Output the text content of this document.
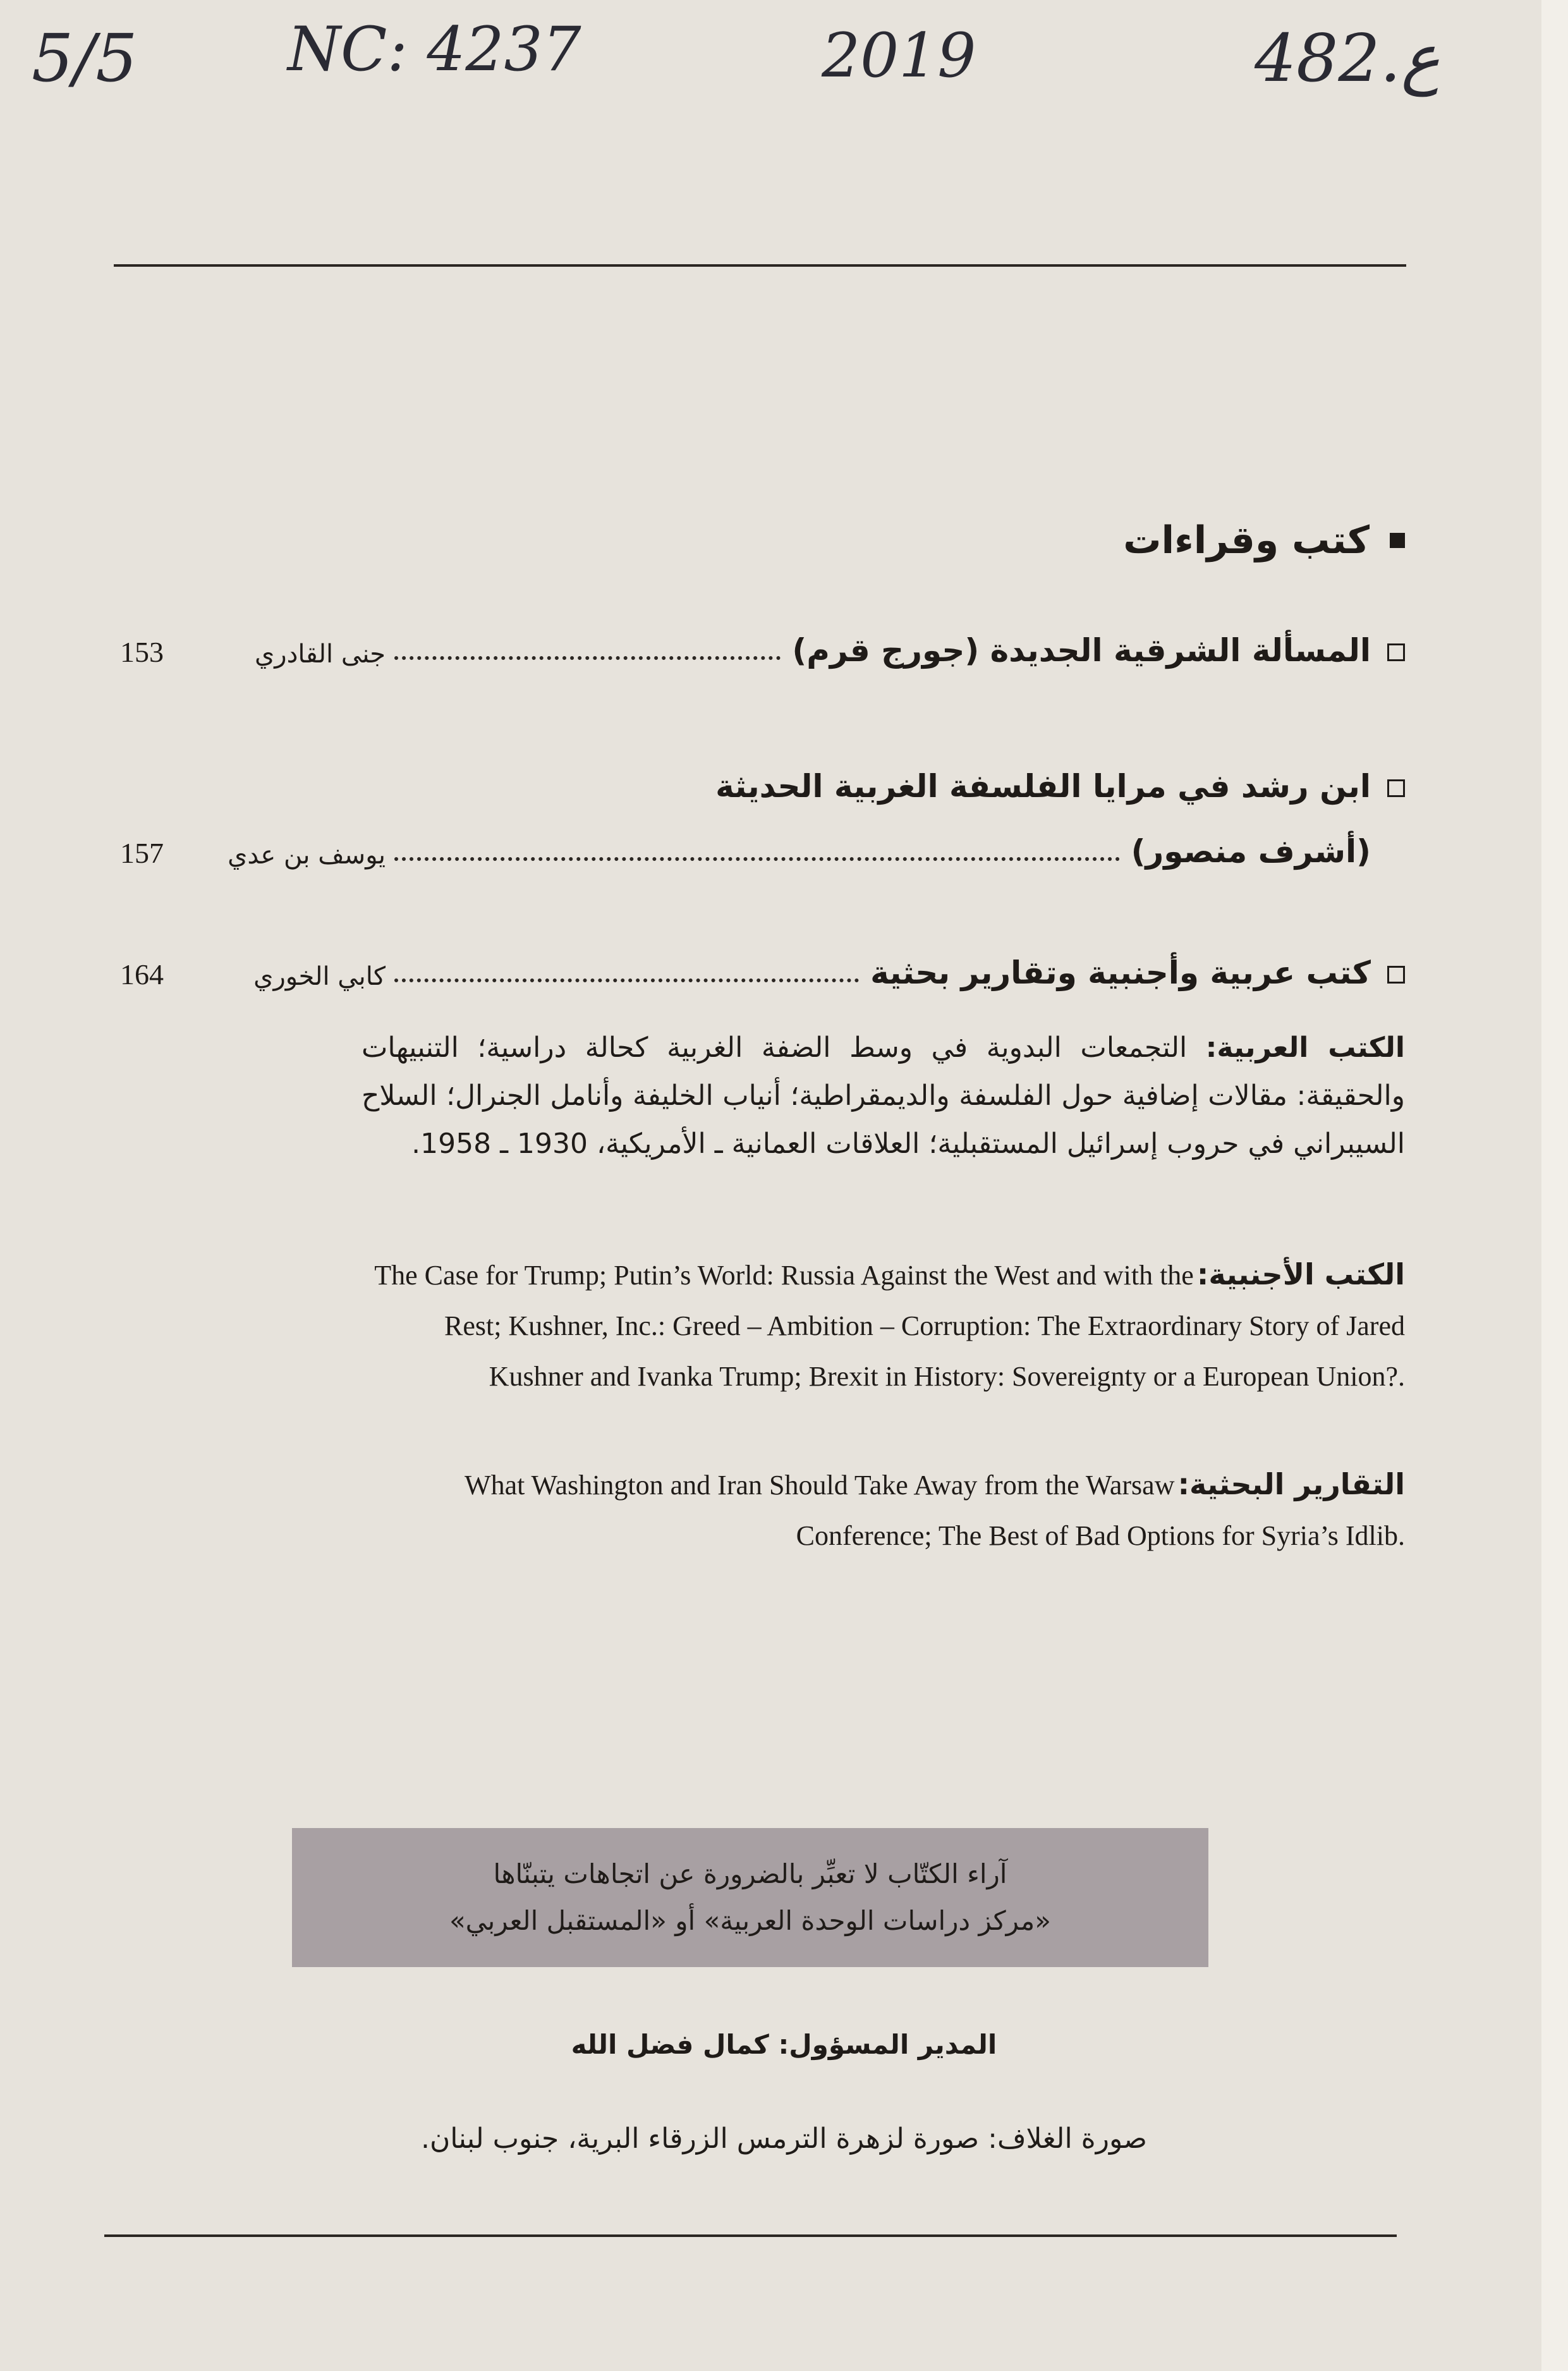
5/5 NC: 4237	2019	482.ع
كتب وقراءات
المسألة الشرقية الجديدة (جورج قرم)
جنى القادري
153
ابن رشد في مرايا الفلسفة الغربية الحديثة
(أشرف منصور)
يوسف بن عدي
157
كتب عربية وأجنبية وتقارير بحثية
كابي الخوري
164
الكتب العربية: التجمعات البدوية في وسط الضفة الغربية كحالة دراسية؛ التنبيهات والحقيقة: مقالات إضافية حول الفلسفة والديمقراطية؛ أنياب الخليفة وأنامل الجنرال؛ السلاح السيبراني في حروب إسرائيل المستقبلية؛ العلاقات العمانية ـ الأمريكية، 1930 ـ 1958.
الكتب الأجنبية: The Case for Trump; Putin’s World: Russia Against the West and with the Rest; Kushner, Inc.: Greed – Ambition – Corruption: The Extraordinary Story of Jared Kushner and Ivanka Trump; Brexit in History: Sovereignty or a European Union?.
التقارير البحثية: What Washington and Iran Should Take Away from the Warsaw Conference; The Best of Bad Options for Syria’s Idlib.
آراء الكتّاب لا تعبِّر بالضرورة عن اتجاهات يتبنّاها
«مركز دراسات الوحدة العربية» أو «المستقبل العربي»
المدير المسؤول: كمال فضل الله
صورة الغلاف: صورة لزهرة الترمس الزرقاء البرية، جنوب لبنان.
